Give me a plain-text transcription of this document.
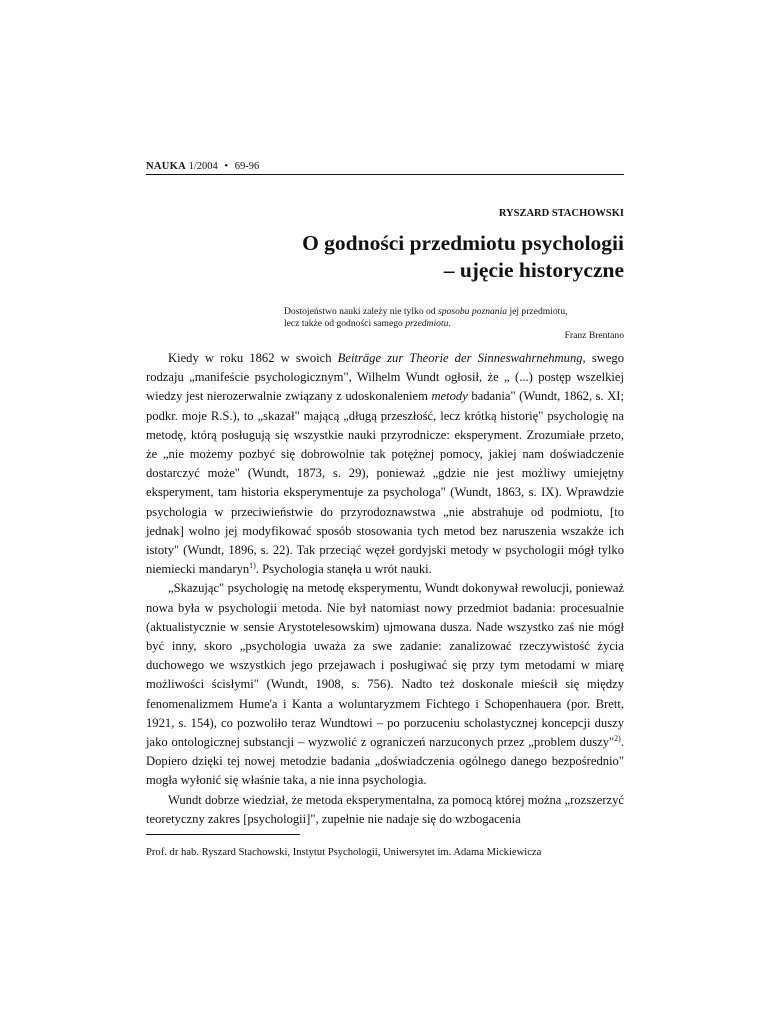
NAUKA 1/2004 • 69-96
RYSZARD STACHOWSKI
O godności przedmiotu psychologii
– ujęcie historyczne
Dostojeństwo nauki zależy nie tylko od sposobu poznania jej przedmiotu,
lecz także od godności samego przedmiotu.
Franz Brentano

Kiedy w roku 1862 w swoich Beiträge zur Theorie der Sinneswahrnehmung, swego rodzaju „manifeście psychologicznym", Wilhelm Wundt ogłosił, że „ (...) postęp wszelkiej wiedzy jest nierozerwalnie związany z udoskonaleniem metody badania" (Wundt, 1862, s. XI; podkr. moje R.S.), to „skazał" mającą „długą przeszłość, lecz krótką historię" psychologię na metodę, którą posługują się wszystkie nauki przyrodnicze: eksperyment. Zrozumiałe przeto, że „nie możemy pozbyć się dobrowolnie tak potężnej pomocy, jakiej nam doświadczenie dostarczyć może" (Wundt, 1873, s. 29), ponieważ „gdzie nie jest możliwy umiejętny eksperyment, tam historia eksperymentuje za psychologa" (Wundt, 1863, s. IX). Wprawdzie psychologia w przeciwieństwie do przyrodoznawstwa „nie abstrahuje od podmiotu, [to jednak] wolno jej modyfikować sposób stosowania tych metod bez naruszenia wszakże ich istoty" (Wundt, 1896, s. 22). Tak przeciąć węzeł gordyjski metody w psychologii mógł tylko niemiecki mandaryn$^{1)}$. Psychologia stanęła u wrót nauki.

„Skazując" psychologię na metodę eksperymentu, Wundt dokonywał rewolucji, ponieważ nowa była w psychologii metoda. Nie był natomiast nowy przedmiot badania: procesualnie (aktualistycznie w sensie Arystotelesowskim) ujmowana dusza. Nade wszystko zaś nie mógł być inny, skoro „psychologia uważa za swe zadanie: zanalizować rzeczywistość życia duchowego we wszystkich jego przejawach i posługiwać się przy tym metodami w miarę możliwości ścisłymi" (Wundt, 1908, s. 756). Nadto też doskonale mieścił się między fenomenalizmem Hume'a i Kanta a woluntaryzmem Fichtego i Schopenhauera (por. Brett, 1921, s. 154), co pozwoliło teraz Wundtowi – po porzuceniu scholastycznej koncepcji duszy jako ontologicznej substancji – wyzwolić z ograniczeń narzuconych przez „problem duszy"$^{2)}$. Dopiero dzięki tej nowej metodzie badania „doświadczenia ogólnego danego bezpośrednio" mogła wyłonić się właśnie taka, a nie inna psychologia.

Wundt dobrze wiedział, że metoda eksperymentalna, za pomocą której można „rozszerzyć teoretyczny zakres [psychologii]", zupełnie nie nadaje się do wzbogacenia

Prof. dr hab. Ryszard Stachowski, Instytut Psychologii, Uniwersytet im. Adama Mickiewicza
